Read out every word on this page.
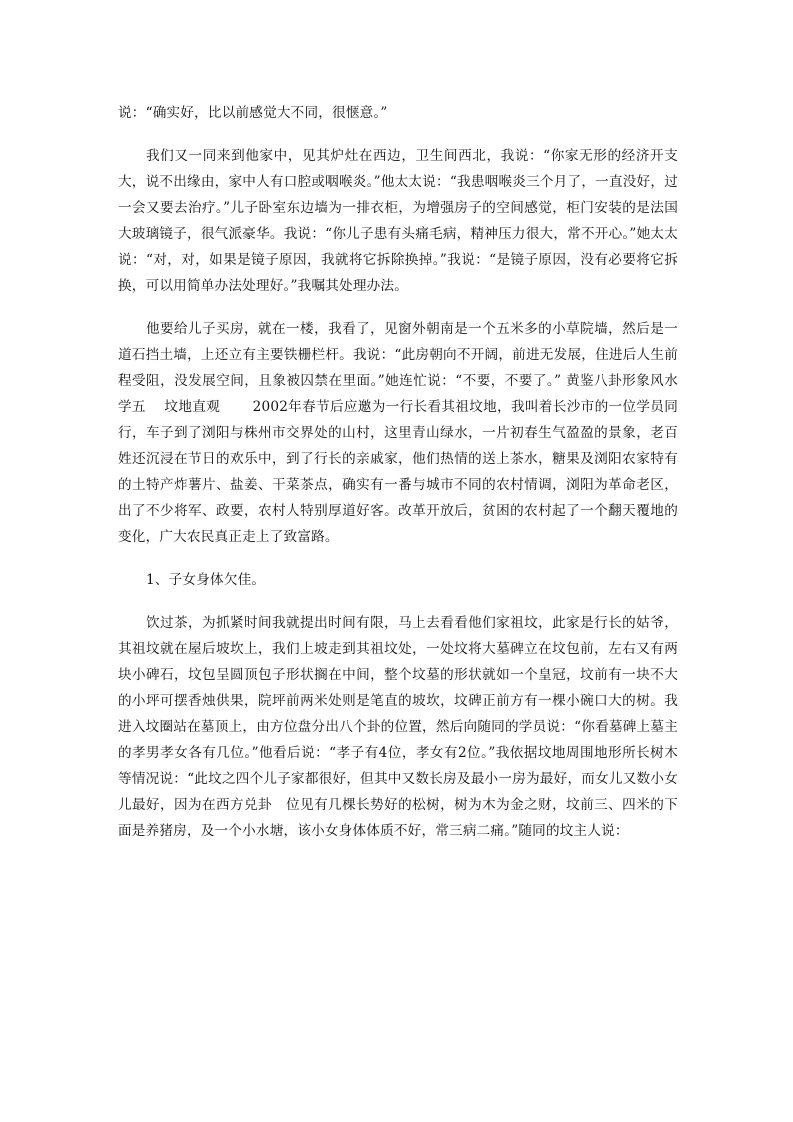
说：“确实好，比以前感觉大不同，很惬意。”

我们又一同来到他家中，见其炉灶在西边，卫生间西北，我说：“你家无形的经济开支大，说不出缘由，家中人有口腔或咽喉炎。”他太太说：“我患咽喉炎三个月了，一直没好，过一会又要去治疗。”儿子卧室东边墙为一排衣柜，为增强房子的空间感觉，柜门安装的是法国大玻璃镜子，很气派豪华。我说：“你儿子患有头痛毛病，精神压力很大，常不开心。”她太太说：“对，对，如果是镜子原因，我就将它拆除换掉。”我说：“是镜子原因，没有必要将它拆换，可以用简单办法处理好。”我嘱其处理办法。

他要给儿子买房，就在一楼，我看了，见窗外朝南是一个五米多的小草院墙，然后是一道石挡土墙，上还立有主要铁栅栏杆。我说：“此房朝向不开阔，前进无发展，住进后人生前程受阻，没发展空间，且象被囚禁在里面。”她连忙说：“不要，不要了。” 黄鉴八卦形象风水学五　 坟地直观　　 2002年春节后应邀为一行长看其祖坟地，我叫着长沙市的一位学员同行，车子到了浏阳与株州市交界处的山村，这里青山绿水，一片初春生气盈盈的景象，老百姓还沉浸在节日的欢乐中，到了行长的亲戚家，他们热情的送上茶水，糖果及浏阳农家特有的土特产炸薯片、盐姜、干菜茶点，确实有一番与城市不同的农村情调，浏阳为革命老区，出了不少将军、政要，农村人特别厚道好客。改革开放后，贫困的农村起了一个翻天覆地的变化，广大农民真正走上了致富路。

1、子女身体欠佳。

饮过茶，为抓紧时间我就提出时间有限，马上去看看他们家祖坟，此家是行长的姑爷，其祖坟就在屋后坡坎上，我们上坡走到其祖坟处，一处坟将大墓碑立在坟包前，左右又有两块小碑石，坟包呈圆顶包子形状搁在中间，整个坟墓的形状就如一个皇冠，坟前有一块不大的小坪可摆香烛供果，院坪前两米处则是笔直的坡坎，坟碑正前方有一棵小碗口大的树。我进入坟圈站在墓顶上，由方位盘分出八个卦的位置，然后向随同的学员说：“你看墓碑上墓主的孝男孝女各有几位。”他看后说：“孝子有4位，孝女有2位。”我依据坟地周围地形所长树木等情况说：“此坟之四个儿子家都很好，但其中又数长房及最小一房为最好，而女儿又数小女儿最好，因为在西方兑卦　位见有几棵长势好的松树，树为木为金之财，坟前三、四米的下面是养猪房，及一个小水塘，该小女身体体质不好，常三病二痛。”随同的坟主人说：
